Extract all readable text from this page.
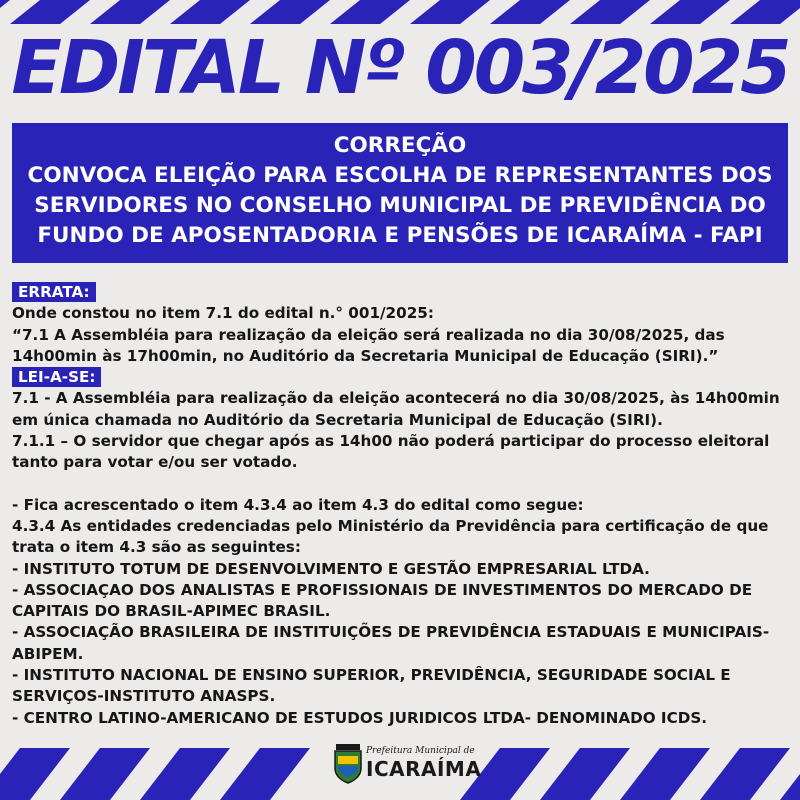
EDITAL Nº 003/2025
CORREÇÃO
CONVOCA ELEIÇÃO PARA ESCOLHA DE REPRESENTANTES DOS
SERVIDORES NO CONSELHO MUNICIPAL DE PREVIDÊNCIA DO
FUNDO DE APOSENTADORIA E PENSÕES DE ICARAÍMA - FAPI
ERRATA:
Onde constou no item 7.1 do edital n.° 001/2025:
“7.1 A Assembléia para realização da eleição será realizada no dia 30/08/2025, das
14h00min às 17h00min, no Auditório da Secretaria Municipal de Educação (SIRI).”
LEI-A-SE:
7.1 - A Assembléia para realização da eleição acontecerá no dia 30/08/2025, às 14h00min
em única chamada no Auditório da Secretaria Municipal de Educação (SIRI).
7.1.1 – O servidor que chegar após as 14h00 não poderá participar do processo eleitoral
tanto para votar e/ou ser votado.
- Fica acrescentado o item 4.3.4 ao item 4.3 do edital como segue:
4.3.4 As entidades credenciadas pelo Ministério da Previdência para certificação de que
trata o item 4.3 são as seguintes:
- INSTITUTO TOTUM DE DESENVOLVIMENTO E GESTÃO EMPRESARIAL LTDA.
- ASSOCIAÇAO DOS ANALISTAS E PROFISSIONAIS DE INVESTIMENTOS DO MERCADO DE
CAPITAIS DO BRASIL-APIMEC BRASIL.
- ASSOCIAÇÃO BRASILEIRA DE INSTITUIÇÕES DE PREVIDÊNCIA ESTADUAIS E MUNICIPAIS-
ABIPEM.
- INSTITUTO NACIONAL DE ENSINO SUPERIOR, PREVIDÊNCIA, SEGURIDADE SOCIAL E
SERVIÇOS-INSTITUTO ANASPS.
- CENTRO LATINO-AMERICANO DE ESTUDOS JURIDICOS LTDA- DENOMINADO ICDS.
Prefeitura Municipal de
ICARAÍMA
